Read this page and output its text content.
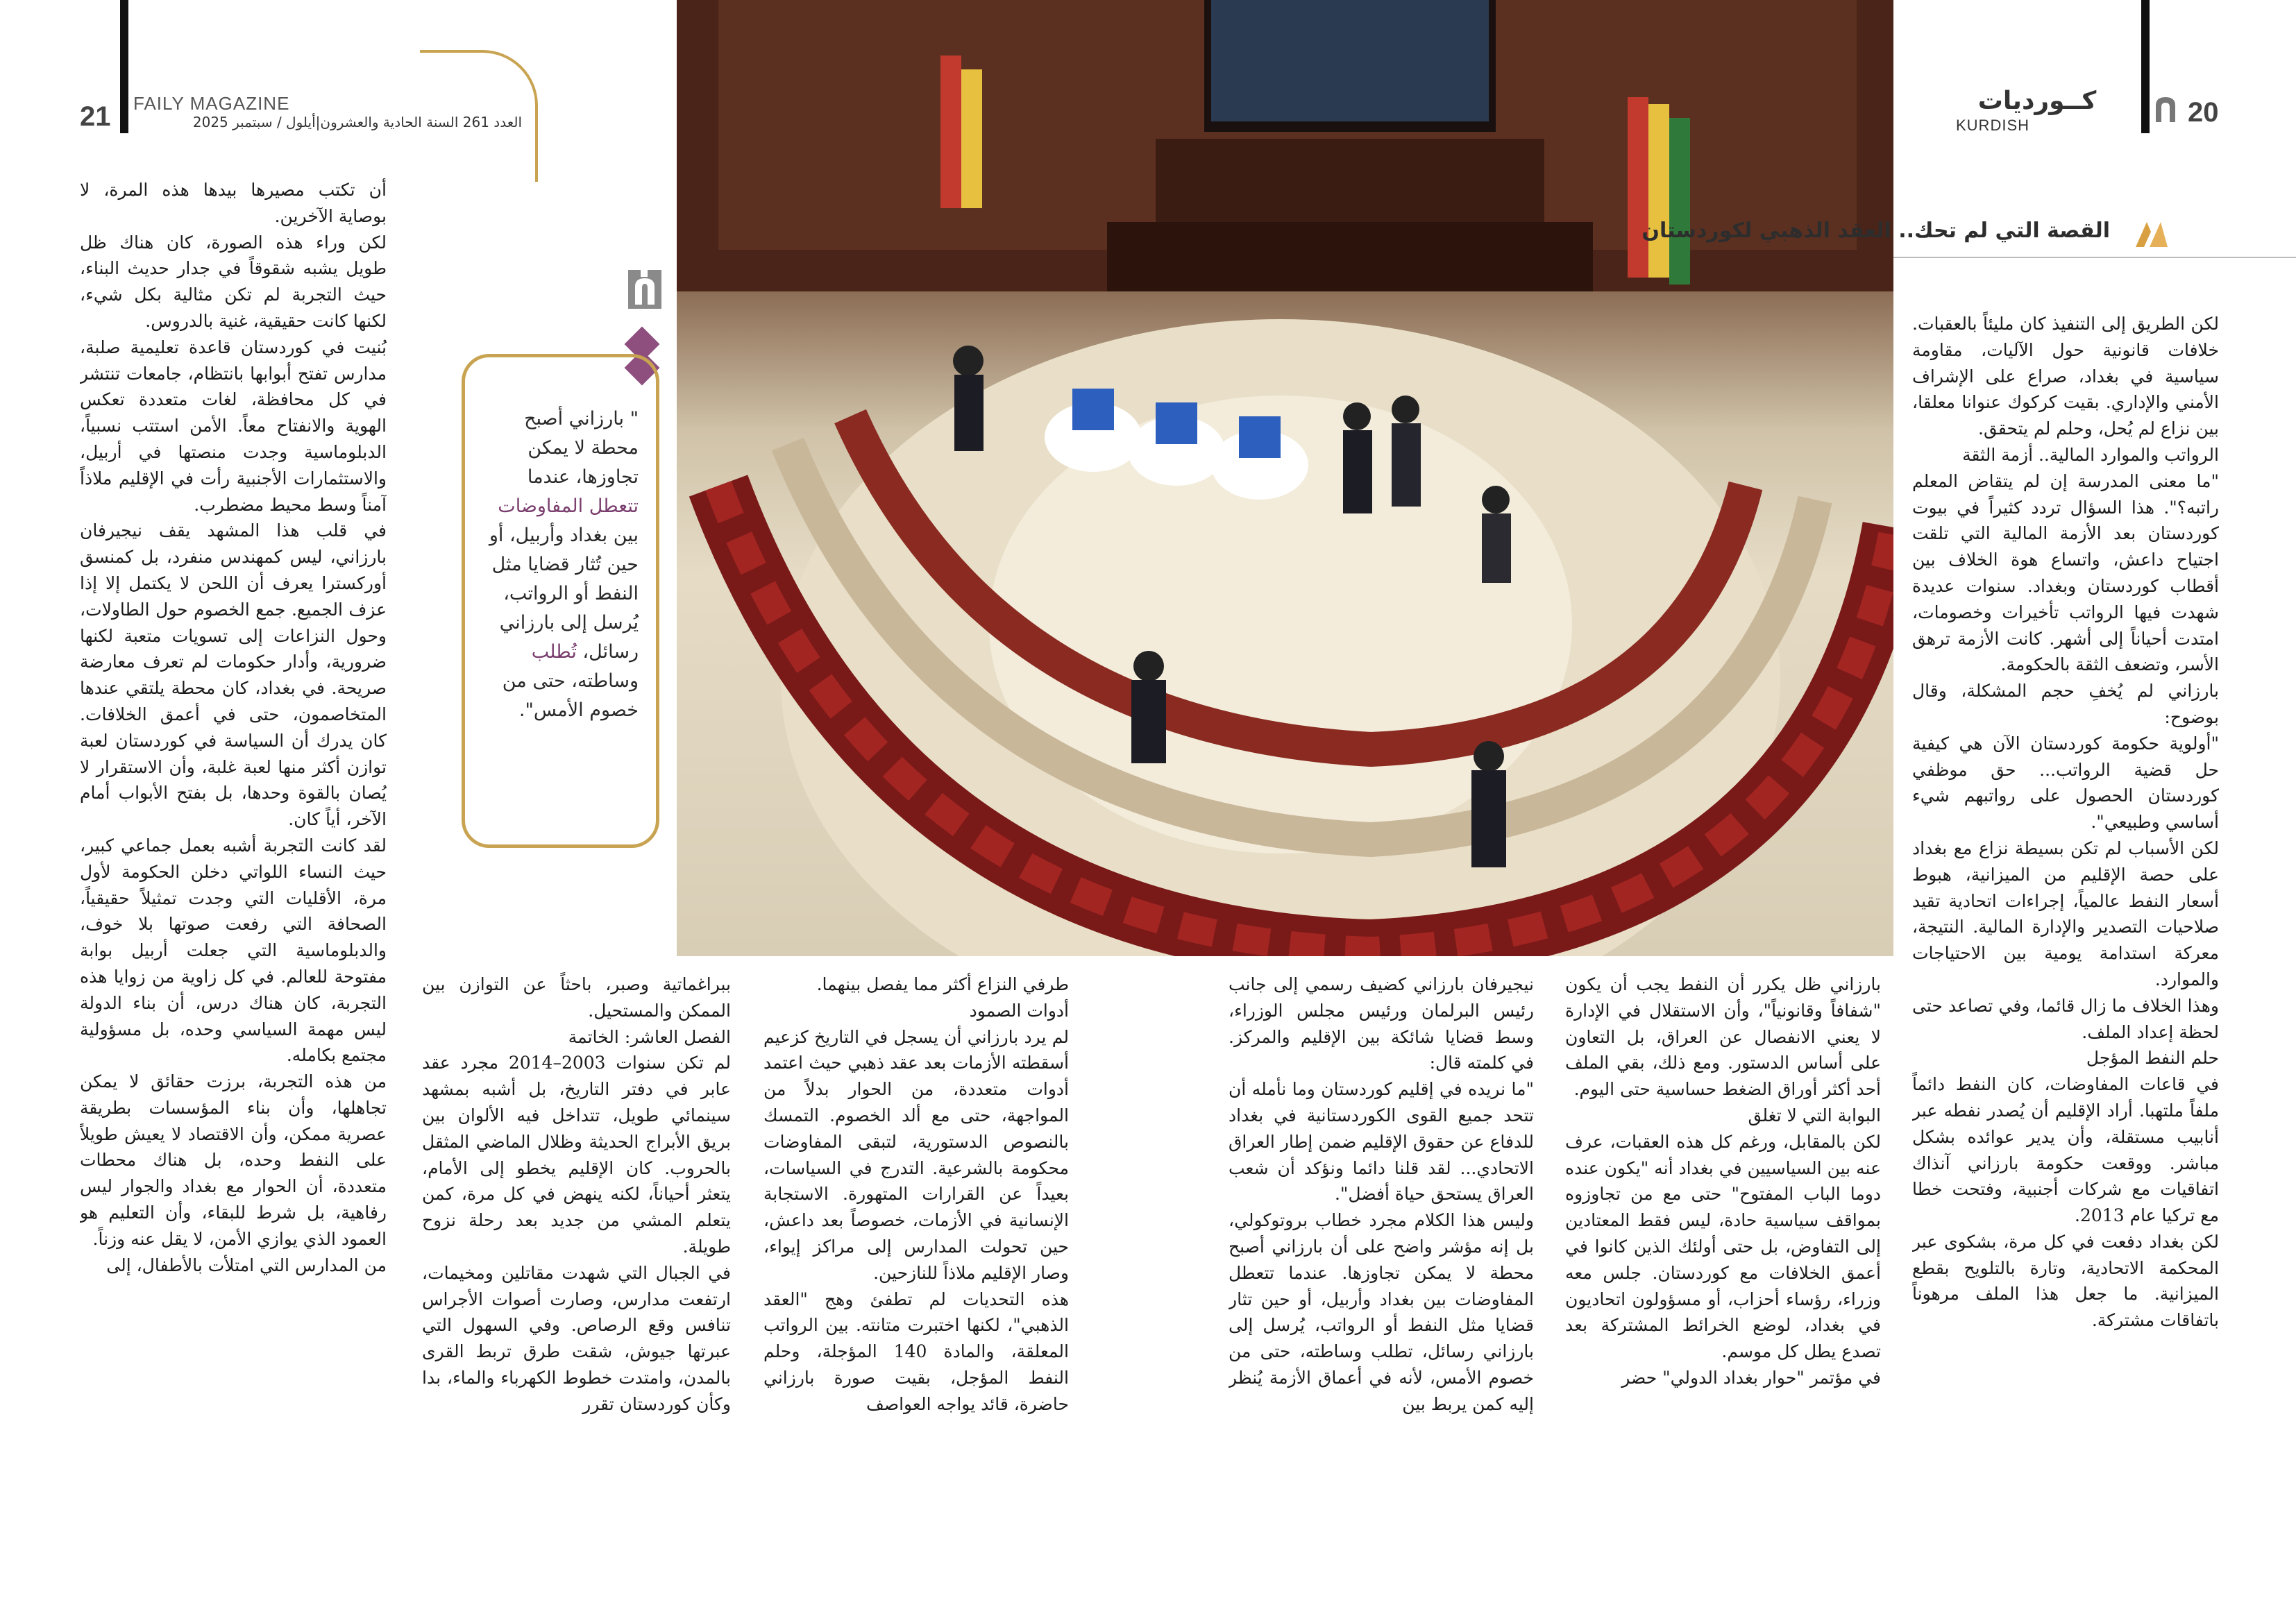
21 FAILY MAGAZINE
العدد 261 السنة الحادية والعشرون|أيلول / سبتمبر 2025
" بارزاني أصبح محطة لا يمكن تجاوزها، عندما تتعطل المفاوضات بين بغداد وأربيل، أو حين تُثار قضايا مثل النفط أو الرواتب، يُرسل إلى بارزاني رسائل، تُطلب وساطته، حتى من خصوم الأمس".
20
كــورديات
KURDISH
القصة التي لم تحك.. العقد الذهبي لكوردستان

لكن الطريق إلى التنفيذ كان مليئاً بالعقبات. خلافات قانونية حول الآليات، مقاومة سياسية في بغداد، صراع على الإشراف الأمني والإداري. بقيت كركوك عنوانا معلقا، بين نزاع لم يُحل، وحلم لم يتحقق.

الرواتب والموارد المالية.. أزمة الثقة

"ما معنى المدرسة إن لم يتقاض المعلم راتبه؟". هذا السؤال تردد كثيراً في بيوت كوردستان بعد الأزمة المالية التي تلقت اجتياح داعش، واتساع هوة الخلاف بين أقطاب كوردستان وبغداد. سنوات عديدة شهدت فيها الرواتب تأخيرات وخصومات، امتدت أحياناً إلى أشهر. كانت الأزمة ترهق الأسر، وتضعف الثقة بالحكومة.

بارزاني لم يُخفِ حجم المشكلة، وقال بوضوح:

"أولوية حكومة كوردستان الآن هي كيفية حل قضية الرواتب... حق موظفي كوردستان الحصول على رواتبهم شيء أساسي وطبيعي".

لكن الأسباب لم تكن بسيطة نزاع مع بغداد على حصة الإقليم من الميزانية، هبوط أسعار النفط عالمياً، إجراءات اتحادية تقيد صلاحيات التصدير والإدارة المالية. النتيجة، معركة استدامة يومية بين الاحتياجات والموارد.

وهذا الخلاف ما زال قائما، وفي تصاعد حتى لحظة إعداد الملف.

حلم النفط المؤجل

في قاعات المفاوضات، كان النفط دائماً ملفاً ملتهبا. أراد الإقليم أن يُصدر نفطه عبر أنابيب مستقلة، وأن يدير عوائده بشكل مباشر. ووقعت حكومة بارزاني آنذاك اتفاقيات مع شركات أجنبية، وفتحت خطا مع تركيا عام 2013.

لكن بغداد دفعت في كل مرة، بشكوى عبر المحكمة الاتحادية، وتارة بالتلويح بقطع الميزانية. ما جعل هذا الملف مرهوناً باتفاقات مشتركة.

بارزاني ظل يكرر أن النفط يجب أن يكون "شفافاً وقانونياً"، وأن الاستقلال في الإدارة لا يعني الانفصال عن العراق، بل التعاون على أساس الدستور. ومع ذلك، بقي الملف أحد أكثر أوراق الضغط حساسية حتى اليوم.

البوابة التي لا تغلق

لكن بالمقابل، ورغم كل هذه العقبات، عرف عنه بين السياسيين في بغداد أنه "يكون عنده دوما الباب المفتوح" حتى مع من تجاوزوه بمواقف سياسية حادة، ليس فقط المعتادين إلى التفاوض، بل حتى أولئك الذين كانوا في أعمق الخلافات مع كوردستان. جلس معه وزراء، رؤساء أحزاب، أو مسؤولون اتحاديون في بغداد، لوضع الخرائط المشتركة بعد تصدع يطل كل موسم.

في مؤتمر "حوار بغداد الدولي" حضر

نيجيرفان بارزاني كضيف رسمي إلى جانب رئيس البرلمان ورئيس مجلس الوزراء، وسط قضايا شائكة بين الإقليم والمركز. في كلمته قال:

"ما نريده في إقليم كوردستان وما نأمله أن تتحد جميع القوى الكوردستانية في بغداد للدفاع عن حقوق الإقليم ضمن إطار العراق الاتحادي... لقد قلنا دائما ونؤكد أن شعب العراق يستحق حياة أفضل".

وليس هذا الكلام مجرد خطاب بروتوكولي، بل إنه مؤشر واضح على أن بارزاني أصبح محطة لا يمكن تجاوزها. عندما تتعطل المفاوضات بين بغداد وأربيل، أو حين تثار قضايا مثل النفط أو الرواتب، يُرسل إلى بارزاني رسائل، تطلب وساطته، حتى من خصوم الأمس، لأنه في أعماق الأزمة يُنظر إليه كمن يربط بين

طرفي النزاع أكثر مما يفصل بينهما.

أدوات الصمود

لم يرد بارزاني أن يسجل في التاريخ كزعيم أسقطته الأزمات بعد عقد ذهبي حيث اعتمد أدوات متعددة، من الحوار بدلاً من المواجهة، حتى مع ألد الخصوم. التمسك بالنصوص الدستورية، لتبقى المفاوضات محكومة بالشرعية. التدرج في السياسات، بعيداً عن القرارات المتهورة. الاستجابة الإنسانية في الأزمات، خصوصاً بعد داعش، حين تحولت المدارس إلى مراكز إيواء، وصار الإقليم ملاذاً للنازحين.

هذه التحديات لم تطفئ وهج "العقد الذهبي"، لكنها اختبرت متانته. بين الرواتب المعلقة، والمادة 140 المؤجلة، وحلم النفط المؤجل، بقيت صورة بارزاني حاضرة، قائد يواجه العواصف

ببراغماتية وصبر، باحثاً عن التوازن بين الممكن والمستحيل.

الفصل العاشر: الخاتمة

لم تكن سنوات 2003–2014 مجرد عقد عابر في دفتر التاريخ، بل أشبه بمشهد سينمائي طويل، تتداخل فيه الألوان بين بريق الأبراج الحديثة وظلال الماضي المثقل بالحروب. كان الإقليم يخطو إلى الأمام، يتعثر أحياناً، لكنه ينهض في كل مرة، كمن يتعلم المشي من جديد بعد رحلة نزوح طويلة.

في الجبال التي شهدت مقاتلين ومخيمات، ارتفعت مدارس، وصارت أصوات الأجراس تنافس وقع الرصاص. وفي السهول التي عبرتها جيوش، شقت طرق تربط القرى بالمدن، وامتدت خطوط الكهرباء والماء، بدا وكأن كوردستان تقرر

أن تكتب مصيرها بيدها هذه المرة، لا بوصاية الآخرين.

لكن وراء هذه الصورة، كان هناك ظل طويل يشبه شقوقاً في جدار حديث البناء، حيث التجربة لم تكن مثالية بكل شيء، لكنها كانت حقيقية، غنية بالدروس.

بُنيت في كوردستان قاعدة تعليمية صلبة، مدارس تفتح أبوابها بانتظام، جامعات تنتشر في كل محافظة، لغات متعددة تعكس الهوية والانفتاح معاً. الأمن استتب نسبياً، الدبلوماسية وجدت منصتها في أربيل، والاستثمارات الأجنبية رأت في الإقليم ملاذاً آمناً وسط محيط مضطرب.

في قلب هذا المشهد يقف نيجيرفان بارزاني، ليس كمهندس منفرد، بل كمنسق أوركسترا يعرف أن اللحن لا يكتمل إلا إذا عزف الجميع. جمع الخصوم حول الطاولات، وحول النزاعات إلى تسويات متعبة لكنها ضرورية، وأدار حكومات لم تعرف معارضة صريحة. في بغداد، كان محطة يلتقي عندها المتخاصمون، حتى في أعمق الخلافات. كان يدرك أن السياسة في كوردستان لعبة توازن أكثر منها لعبة غلبة، وأن الاستقرار لا يُصان بالقوة وحدها، بل بفتح الأبواب أمام الآخر، أياً كان.

لقد كانت التجربة أشبه بعمل جماعي كبير، حيث النساء اللواتي دخلن الحكومة لأول مرة، الأقليات التي وجدت تمثيلاً حقيقياً، الصحافة التي رفعت صوتها بلا خوف، والدبلوماسية التي جعلت أربيل بوابة مفتوحة للعالم. في كل زاوية من زوايا هذه التجربة، كان هناك درس، أن بناء الدولة ليس مهمة السياسي وحده، بل مسؤولية مجتمع بكامله.

من هذه التجربة، برزت حقائق لا يمكن تجاهلها، وأن بناء المؤسسات بطريقة عصرية ممكن، وأن الاقتصاد لا يعيش طويلاً على النفط وحده، بل هناك محطات متعددة، أن الحوار مع بغداد والجوار ليس رفاهية، بل شرط للبقاء، وأن التعليم هو العمود الذي يوازي الأمن، لا يقل عنه وزناً.

من المدارس التي امتلأت بالأطفال، إلى
